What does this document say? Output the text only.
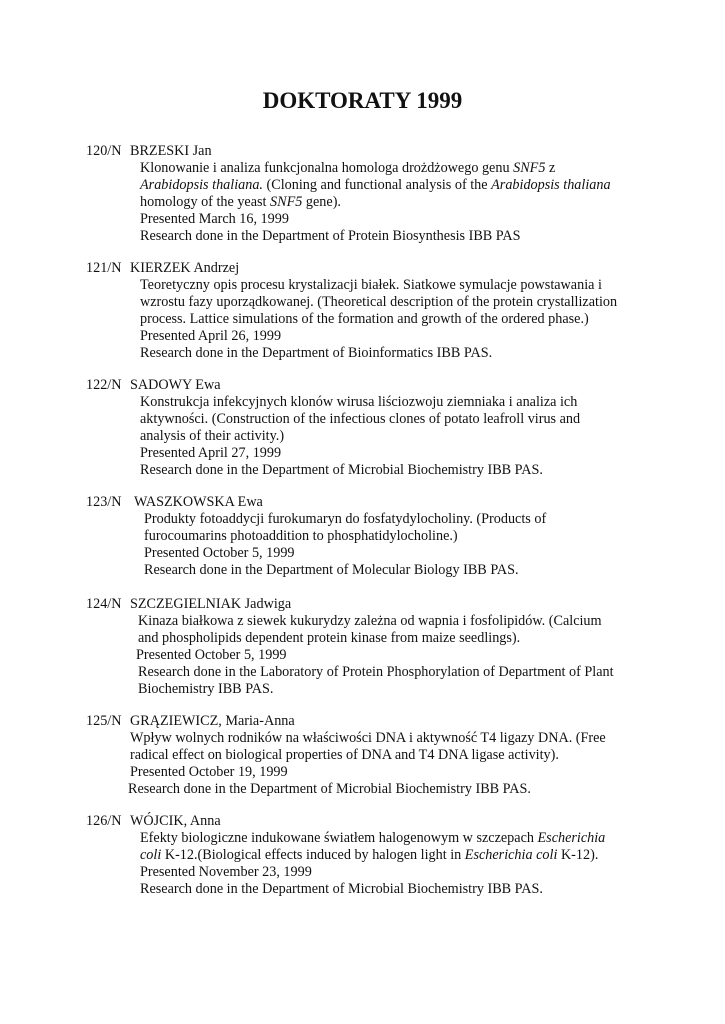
DOKTORATY 1999
120/N BRZESKI Jan
Klonowanie i analiza funkcjonalna homologa drożdżowego genu SNF5 z
Arabidopsis thaliana. (Cloning and functional analysis of the Arabidopsis thaliana
homology of the yeast SNF5 gene).
Presented March 16, 1999
Research done in the Department of Protein Biosynthesis IBB PAS
121/N KIERZEK Andrzej
Teoretyczny opis procesu krystalizacji białek. Siatkowe symulacje powstawania i
wzrostu fazy uporządkowanej. (Theoretical description of the protein crystallization
process. Lattice simulations of the formation and growth of the ordered phase.)
Presented April 26, 1999
Research done in the Department of Bioinformatics IBB PAS.
122/N SADOWY Ewa
Konstrukcja infekcyjnych klonów wirusa liściozwoju ziemniaka i analiza ich
aktywności. (Construction of the infectious clones of potato leafroll virus and
analysis of their activity.)
Presented April 27, 1999
Research done in the Department of Microbial Biochemistry IBB PAS.
123/N WASZKOWSKA Ewa
Produkty fotoaddycji furokumaryn do fosfatydylocholiny. (Products of
furocoumarins photoaddition to phosphatidylocholine.)
Presented October 5, 1999
Research done in the Department of Molecular Biology IBB PAS.
124/N SZCZEGIELNIAK Jadwiga
Kinaza białkowa z siewek kukurydzy zależna od wapnia i fosfolipidów. (Calcium
and phospholipids dependent protein kinase from maize seedlings).
Presented October 5, 1999
Research done in the Laboratory of Protein Phosphorylation of Department of Plant
Biochemistry IBB PAS.
125/N GRĄZIEWICZ, Maria-Anna
Wpływ wolnych rodników na właściwości DNA i aktywność T4 ligazy DNA. (Free
radical effect on biological properties of DNA and T4 DNA ligase activity).
Presented October 19, 1999
Research done in the Department of Microbial Biochemistry IBB PAS.
126/N WÓJCIK, Anna
Efekty biologiczne indukowane światłem halogenowym w szczepach Escherichia
coli K-12.(Biological effects induced by halogen light in Escherichia coli K-12).
Presented November 23, 1999
Research done in the Department of Microbial Biochemistry IBB PAS.
